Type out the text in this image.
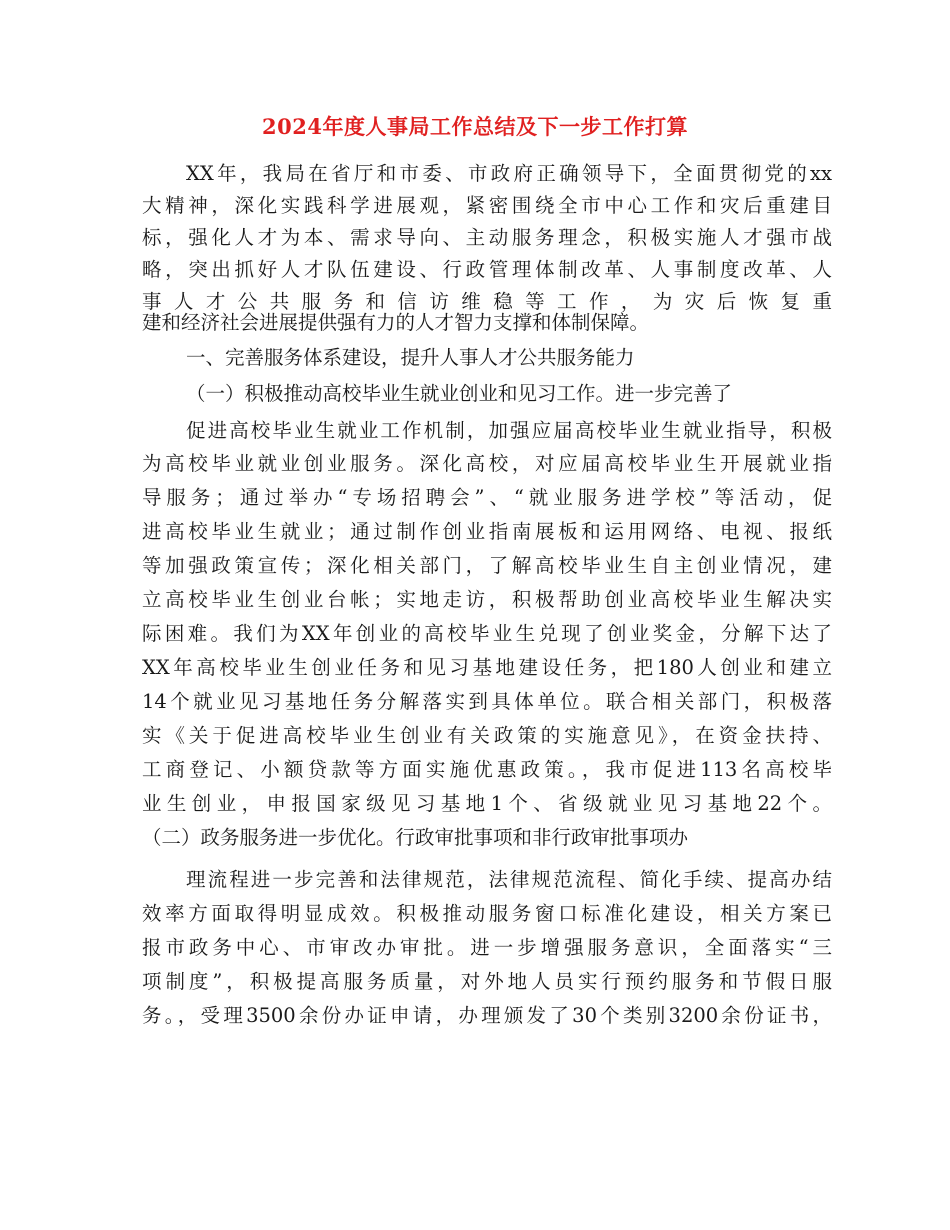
2024年度人事局工作总结及下一步工作打算
XX年，我局在省厅和市委、市政府正确领导下，全面贯彻党的xx
大精神，深化实践科学进展观，紧密围绕全市中心工作和灾后重建目
标，强化人才为本、需求导向、主动服务理念，积极实施人才强市战
略，突出抓好人才队伍建设、行政管理体制改革、人事制度改革、人
事人才公共服务和信访维稳等工作，为灾后恢复重
建和经济社会进展提供强有力的人才智力支撑和体制保障。
一、完善服务体系建设，提升人事人才公共服务能力
（一）积极推动高校毕业生就业创业和见习工作。进一步完善了
促进高校毕业生就业工作机制，加强应届高校毕业生就业指导，积极
为高校毕业就业创业服务。深化高校，对应届高校毕业生开展就业指
导服务；通过举办“专场招聘会”、“就业服务进学校”等活动，促
进高校毕业生就业；通过制作创业指南展板和运用网络、电视、报纸
等加强政策宣传；深化相关部门，了解高校毕业生自主创业情况，建
立高校毕业生创业台帐；实地走访，积极帮助创业高校毕业生解决实
际困难。我们为XX年创业的高校毕业生兑现了创业奖金，分解下达了
XX年高校毕业生创业任务和见习基地建设任务，把180人创业和建立
14个就业见习基地任务分解落实到具体单位。联合相关部门，积极落
实《关于促进高校毕业生创业有关政策的实施意见》，在资金扶持、
工商登记、小额贷款等方面实施优惠政策。，我市促进113名高校毕
业生创业，申报国家级见习基地1个、省级就业见习基地22个。
（二）政务服务进一步优化。行政审批事项和非行政审批事项办
理流程进一步完善和法律规范，法律规范流程、简化手续、提高办结
效率方面取得明显成效。积极推动服务窗口标准化建设，相关方案已
报市政务中心、市审改办审批。进一步增强服务意识，全面落实“三
项制度”，积极提高服务质量，对外地人员实行预约服务和节假日服
务。，受理3500余份办证申请，办理颁发了30个类别3200余份证书，
